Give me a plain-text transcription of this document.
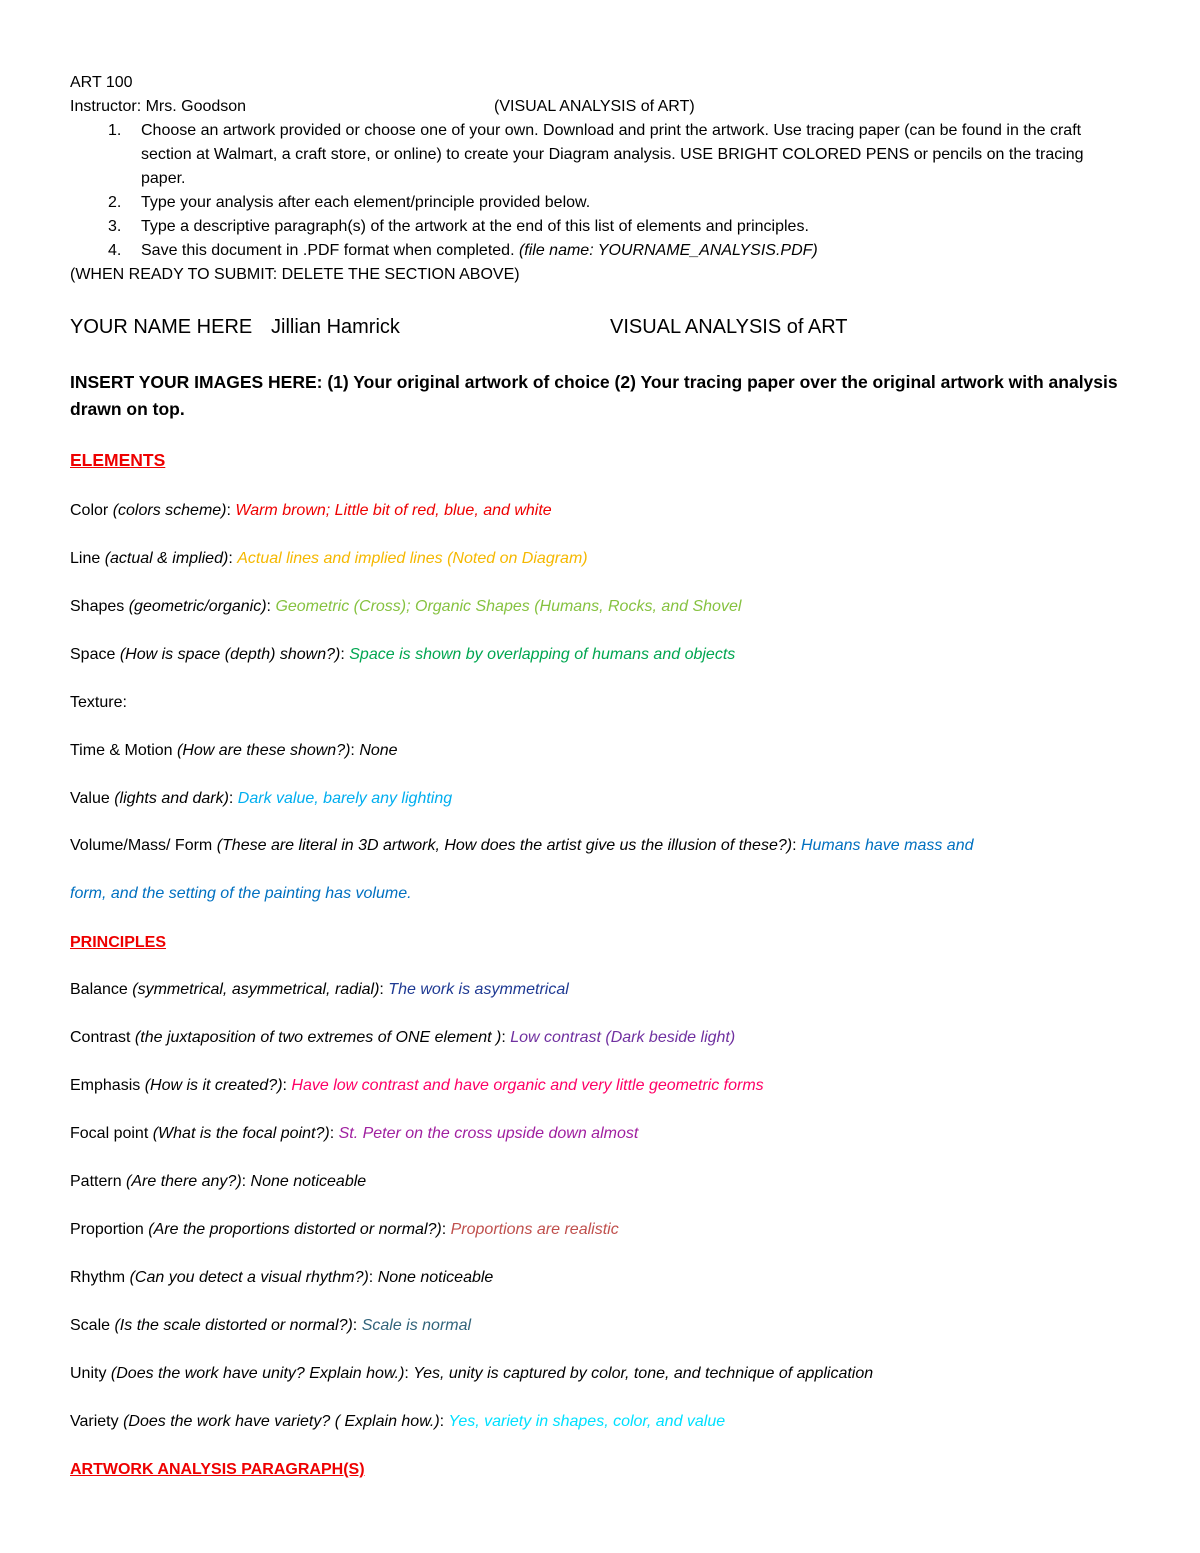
ART 100
Instructor: Mrs. Goodson	(VISUAL ANALYSIS of ART)
1.	Choose an artwork provided or choose one of your own. Download and print the artwork. Use tracing paper (can be found in the craft section at Walmart, a craft store, or online) to create your Diagram analysis. USE BRIGHT COLORED PENS or pencils on the tracing paper.
2.	Type your analysis after each element/principle provided below.
3.	Type a descriptive paragraph(s) of the artwork at the end of this list of elements and principles.
4.	Save this document in .PDF format when completed. (file name: YOURNAME_ANALYSIS.PDF)
(WHEN READY TO SUBMIT: DELETE THE SECTION ABOVE)
YOUR NAME HERE Jillian Hamrick	VISUAL ANALYSIS of ART
INSERT YOUR IMAGES HERE: (1) Your original artwork of choice (2) Your tracing paper over the original artwork with analysis drawn on top.
ELEMENTS
Color (colors scheme): Warm brown; Little bit of red, blue, and white
Line (actual & implied): Actual lines and implied lines (Noted on Diagram)
Shapes (geometric/organic): Geometric (Cross); Organic Shapes (Humans, Rocks, and Shovel
Space (How is space (depth) shown?): Space is shown by overlapping of humans and objects
Texture:
Time & Motion (How are these shown?): None
Value (lights and dark): Dark value, barely any lighting
Volume/Mass/ Form (These are literal in 3D artwork, How does the artist give us the illusion of these?): Humans have mass and
form, and the setting of the painting has volume.
PRINCIPLES
Balance (symmetrical, asymmetrical, radial): The work is asymmetrical
Contrast (the juxtaposition of two extremes of ONE element ): Low contrast (Dark beside light)
Emphasis (How is it created?): Have low contrast and have organic and very little geometric forms
Focal point (What is the focal point?): St. Peter on the cross upside down almost
Pattern (Are there any?): None noticeable
Proportion (Are the proportions distorted or normal?): Proportions are realistic
Rhythm (Can you detect a visual rhythm?): None noticeable
Scale (Is the scale distorted or normal?): Scale is normal
Unity (Does the work have unity? Explain how.): Yes, unity is captured by color, tone, and technique of application
Variety (Does the work have variety? ( Explain how.): Yes, variety in shapes, color, and value
ARTWORK ANALYSIS PARAGRAPH(S)
